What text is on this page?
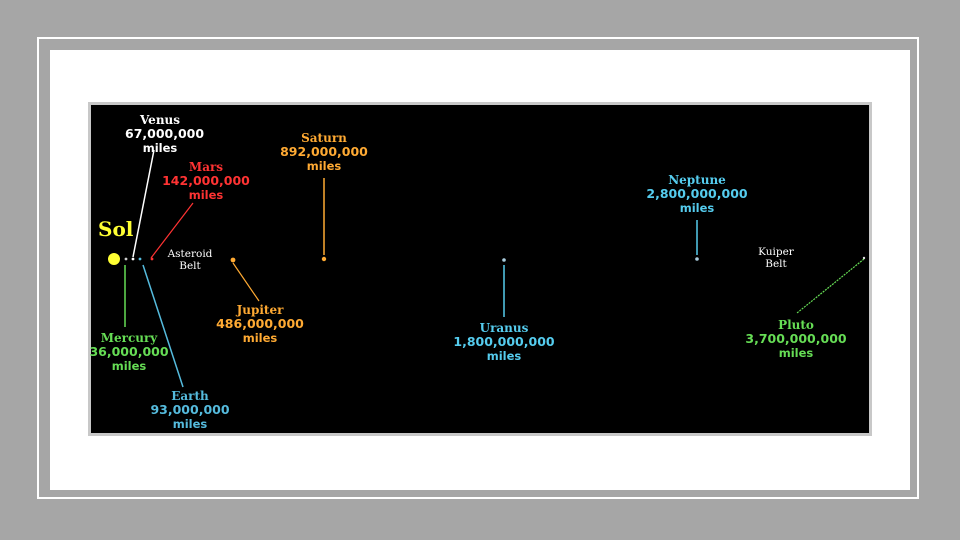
Sol
Venus
67,000,000
miles
Mars
142,000,000
miles
Saturn
892,000,000
miles
Neptune
2,800,000,000
miles
Jupiter
486,000,000
miles
Mercury
36,000,000
miles
Uranus
1,800,000,000
miles
Pluto
3,700,000,000
miles
Earth
93,000,000
miles
Asteroid
Belt
Kuiper
Belt
